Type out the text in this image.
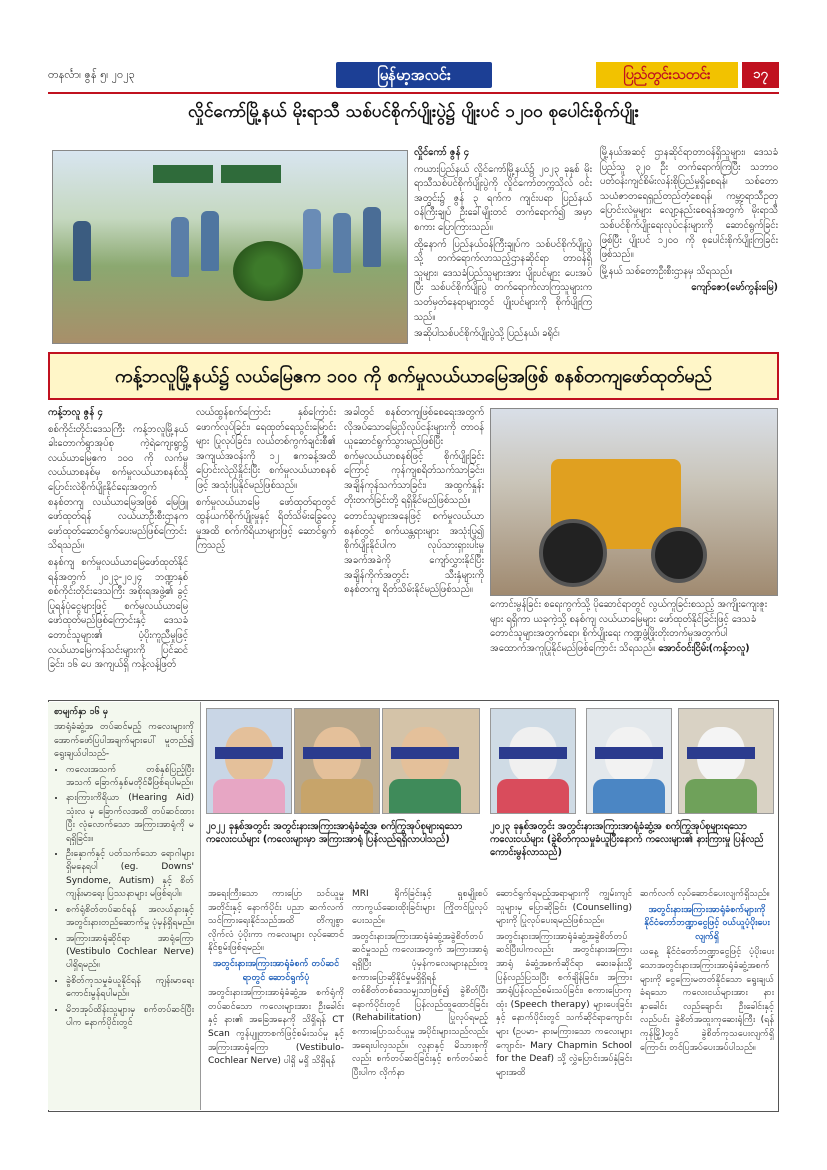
တနင်္လာ၊ ဇွန် ၅၊ ၂၀၂၃	မြန်မာ့အလင်း	ပြည်တွင်းသတင်း	၁၇
လှိုင်ကော်မြို့နယ် မိုးရာသီ သစ်ပင်စိုက်ပျိုးပွဲ၌ ပျိုးပင် ၁၂၀၀ စုပေါင်းစိုက်ပျိုး

လှိုင်ကော် ဇွန် ၄

ကယားပြည်နယ် လှိုင်ကော်မြို့နယ်၌ ၂၀၂၃ ခုနှစ် မိုးရာသီသစ်ပင်စိုက်ပျိုးပွဲကို လှိုင်ကော်တက္ကသိုလ် ဝင်းအတွင်း၌ ဇွန် ၃ ရက်က ကျင်းပရာ ပြည်နယ် ဝန်ကြီးချုပ် ဦးခေါ်မျိုးတင် တက်ရောက်၍ အမှာစကား ပြောကြားသည်။

ထို့နောက် ပြည်နယ်ဝန်ကြီးချုပ်က သစ်ပင်စိုက်ပျိုးပွဲသို့ တက်ရောက်လာသည့်ဌာနဆိုင်ရာ တာဝန်ရှိသူများ၊ ဒေသခံပြည်သူများအား ပျိုးပင်များ ပေးအပ်ပြီး သစ်ပင်စိုက်ပျိုးပွဲ တက်ရောက်လာကြသူများက သတ်မှတ်နေရာများတွင် ပျိုးပင်များကို စိုက်ပျိုးကြသည်။

အဆိုပါသစ်ပင်စိုက်ပျိုးပွဲသို့ ပြည်နယ်၊ ခရိုင်၊

မြို့နယ်အဆင့် ဌာနဆိုင်ရာတာဝန်ရှိသူများ၊ ဒေသခံပြည်သူ ၃၂၀ ဦး တက်ရောက်ကြပြီး သဘာဝပတ်ဝန်းကျင်စိမ်းလန်းစိုပြည်မှုရှိစေရန်၊ သစ်တောသယံဇာတရေရှည်တည်တံ့စေရန်၊ ကမ္ဘာ့ရာသီဥတုပြောင်းလဲမှုများ လျော့နည်းစေရန်အတွက် မိုးရာသီ သစ်ပင်စိုက်ပျိုးရေးလုပ်ငန်းများကို ဆောင်ရွက်ခြင်းဖြစ်ပြီး ပျိုးပင် ၁၂၀၀ ကို စုပေါင်းစိုက်ပျိုးကြခြင်းဖြစ်သည်။

မြို့နယ် သစ်တောဦးစီးဌာနမှ သိရသည်။

ကျော်ဇော(မော်ကွန်းမြေ)

ကန့်ဘလူမြို့နယ်၌ လယ်မြေဧက ၁၀၀ ကို စက်မှုလယ်ယာမြေအဖြစ် စနစ်တကျဖော်ထုတ်မည်

ကန့်ဘလူ ဇွန် ၄

စစ်ကိုင်းတိုင်းဒေသကြီး ကန့်ဘလူမြို့နယ် ခါးတောက်ရွာအုပ်စု ကဲ့ရဲကျေးရွာ၌ လယ်ယာမြေဧက ၁၀၀ ကို လက်မှုလယ်ယာစနစ်မှ စက်မှုလယ်ယာစနစ်သို့ ပြောင်းလဲစိုက်ပျိုးနိုင်ရေးအတွက် စနစ်တကျ လယ်ယာမြေအဖြစ် မြေဖြူဖော်ထုတ်ရန် လယ်ယာဦးစီးဌာနက ဖော်ထုတ်ဆောင်ရွက်ပေးမည်ဖြစ်ကြောင်း သိရသည်။

စနစ်ကျ စက်မှုလယ်ယာမြေဖော်ထုတ်နိုင်ရန်အတွက် ၂၀၂၃-၂၀၂၄ ဘဏ္ဍာနှစ် စစ်ကိုင်းတိုင်းဒေသကြီး အစိုးရအဖွဲ့၏ ခွင့်ပြုရန်ပုံငွေများဖြင့် စက်မှုလယ်ယာမြေ ဖော်ထုတ်မည်ဖြစ်ကြောင်းနှင့် ဒေသခံတောင်သူများ၏ ပံ့ပိုးကူညီမှုဖြင့် လယ်ယာမြေကန်သင်းများကို ပြင်ဆင်ခြင်း၊ ၁၆ ပေ အကျယ်ရှိ ကန့်လန့်ဖြတ်

လယ်ထွန်စက်ကြောင်း နှစ်ကြောင်း ဖောက်လုပ်ခြင်း၊ ရေထုတ်ရေသွင်းမြောင်းများ ပြုလုပ်ခြင်း၊ လယ်တစ်ကွက်ချင်းစီ၏ အကျယ်အဝန်းကို ၁၂ ဧကခန့်အထိ ပြောင်းလဲညှိနှိုင်းပြီး စက်မှုလယ်ယာစနစ်ဖြင့် အသုံးပြုနိုင်မည်ဖြစ်သည်။

စက်မှုလယ်ယာမြေ ဖော်ထုတ်ရာတွင် ထွန်ယက်စိုက်ပျိုးမှုနှင့် ရိတ်သိမ်းခြွေလှေ့မှုအထိ စက်ကိရိယာများဖြင့် ဆောင်ရွက်ကြသည့်

အခါတွင် စနစ်တကျဖြစ်စေရေးအတွက် လိုအပ်သောမြေညှိလုပ်ငန်းများကို တာဝန်ယူဆောင်ရွက်သွားမည်ဖြစ်ပြီး စက်မှုလယ်ယာစနစ်ဖြင့် စိုက်ပျိုးခြင်းကြောင့် ကုန်ကျစရိတ်သက်သာခြင်း၊ အချိန်ကုန်သက်သာခြင်း၊ အထွက်နှုန်းတိုးတက်ခြင်းတို့ ရရှိနိုင်မည်ဖြစ်သည်။

တောင်သူများအနေဖြင့် စက်မှုလယ်ယာစနစ်တွင် စက်ယန္တရားများ အသုံးပြု၍ စိုက်ပျိုးနိုင်ပါက လုပ်သားရှားပါးမှုအခက်အခဲကို ကျော်လွှားနိုင်ပြီး အချိန်ကိုက်အတွင်း သီးနှံများကို စနစ်တကျ ရိတ်သိမ်းနိုင်မည်ဖြစ်သည်။

ကောင်းမွန်ခြင်း စရေးကွက်သို့ ပိုဆောင်ရာတွင် လွယ်ကူခြင်းစသည့် အကျိုးကျေးဇူးများ ရရှိကာ ယခုကဲ့သို့ စနစ်ကျ လယ်ယာမြေများ ဖော်ထုတ်နိုင်ခြင်းဖြင့် ဒေသခံတောင်သူများအတွက်ရော၊ စိုက်ပျိုးရေး ကဏ္ဍဖွံ့ဖြိုးတိုးတက်မှုအတွက်ပါ အထောက်အကူပြုနိုင်မည်ဖြစ်ကြောင်း သိရသည်။ အောင်ဝင်းငြိမ်း(ကန့်ဘလူ)

စာမျက်နှာ ၁၆ မှ

အာရုံခံဆွံ့အ တပ်ဆင်မည့် ကလေးများကို အောက်ဖော်ပြပါအချက်များပေါ် မူတည်၍ ရွေးချယ်ပါသည်-

• ကလေးအသက် တစ်နှစ်ပြည့်ပြီး အသက် ခြောက်နှစ်မတိုင်မီဖြစ်ရပါမည်။
• နားကြားကိရိယာ (Hearing Aid) သုံးလ မှ ခြောက်လအထိ တပ်ဆင်ထားပြီး လုံလောက်သော အကြားအာရုံကို မရရှိခြင်း။
• ဦးနှောက်နှင့် ပတ်သက်သော ရောဂါများ ရှိမနေရပါ (eg. Downs' Syndome, Autism) နှင့် စိတ်ကျန်းမာရေး ပြဿနာများ မဖြစ်ရပါ။
• စက်ရုံစိတ်တပ်ဆင်ရန် အလယ်နားနှင့် အတွင်းနားတည်ဆောက်မှု ပုံမှန်ရှိရမည်။
• အကြားအာရုံဆိုင်ရာ အာရုံကြော (Vestibulo Cochlear Nerve) ပါရှိရမည်။
• ခွဲစိတ်ကုသမှုခံယူနိုင်ရန် ကျန်းမာရေး ကောင်းမွန်ရပါမည်။
• မိဘအုပ်ထိန်းသူများမှ စက်တပ်ဆင်ပြီးပါက နောက်ပိုင်းတွင်
၂၀၂၂ ခုနှစ်အတွင်း အတွင်းနားအကြားအာရုံခံဆွံ့အ စက်ကြွအုပ်စုများရသော ကလေးငယ်များ (ကလေးများမှာ အကြားအာရုံ ပြန်လည်ရရှိလာပါသည်)
၂၀၂၃ ခုနှစ်အတွင်း အတွင်းနားအကြားအာရုံခံဆွံ့အ စက်ကြွအုပ်စုများရသော ကလေးငယ်များ (ခွဲစိတ်ကုသမှုခံယူပြီးနောက် ကလေးများ၏ နားကြားမှု ပြန်လည်ကောင်းမွန်လာသည်)

အရေးကြီးသော ကားပြော သင်ယူမှုအတိုင်းနှင့် နောက်ပိုင်း ပညာ ဆက်လက်သင်ကြားရေးနိုင်သည်အထိ တိကျစွာ လိုက်လံ ပံ့ပိုးကာ ကလေးများ လုပ်ဆောင်နိုင်စွမ်းဖြစ်ရမည်။

အတွင်းနားအကြားအာရုံခံစက် တပ်ဆင်ရာတွင် ဆောင်ရွက်ပုံ

အတွင်းနားအကြားအာရုံခံဆွံ့အ စက်ရုံကိုတပ်ဆင်သော ကလေးများအား ဦးခေါင်းနှင့် နား၏ အခြေအနေကို သိရှိရန် CT Scan ကွန်ပျူတာစက်ဖြင့်စမ်းသပ်မှု နှင့် အကြားအာရုံကြော (Vestibulo-Cochlear Nerve) ပါရှိ မရှိ သိရှိရန်

MRI ရိုက်ခြင်းနှင့် ရှုစမျိုးစပ် ကာကွယ်ဆေးထိုးခြင်းများ ကြိုတင်ပြုလုပ်ပေးသည်။

အတွင်းနားအကြားအာရုံခံဆွံ့အခွဲစိတ်တပ်ဆင်မှုသည် ကလေးအတွက် အကြားအာရုံရရှိပြီး ပုံမှန်ကလေးများနည်းတူ စကားပြောဆိုနိုင်မှုမရှိရှိရန် တစ်စိတ်တစ်ဒေသမျှသာဖြစ်၍ ခွဲစိတ်ပြီးနောက်ပိုင်းတွင် ပြန်လည်ထူထောင်ခြင်း (Rehabilitation) ပြုလုပ်ရမည့် စကားပြောသင်ယူမှု အပိုင်းများသည်လည်း အရေးပါလှသည်။ လူနာနှင့် မိသားစုကိုလည်း စက်တပ်ဆင်ခြင်းနှင့် စက်တပ်ဆင်ပြီးပါက လိုက်နာ

ဆောင်ရွက်ရမည့်အရာများကို ကျွမ်းကျင်သူများမှ ပြောဆိုခြင်း (Counselling) များကို ပြုလုပ်ပေးရမည်ဖြစ်သည်။

အတွင်းနားအကြားအာရုံခံဆွံ့အခွဲစိတ်တပ်ဆင်ပြီးပါကလည်း အတွင်းနားအကြားအာရုံ ခံဆွံ့အစက်ဆိုင်ရာ ဆေးခန်းသို့ပြန်လည်ပြသပြီး စက်ချိန်ခြင်း၊ အကြားအာရုံပြန်လည်စမ်းသပ်ခြင်း၊ စကားပြောကုထုံး (Speech therapy) များပေးခြင်းနှင့် နောက်ပိုင်းတွင် သက်ဆိုင်ရာကျောင်းများ (ဥပမာ- နားမကြားသော ကလေးများကျောင်း- Mary Chapmin School for the Deaf) သို့ လွှဲပြောင်းအပ်နှံခြင်းများအထိ

ဆက်လက် လုပ်ဆောင်ပေးလျက်ရှိသည်။

အတွင်းနားအကြားအာရုံခံစက်များကို နိုင်ငံတော်ဘဏ္ဍာငွေဖြင့် ဝယ်ယူပံ့ပိုးပေးလျက်ရှိ

ယနေ့ နိုင်ငံတော်ဘဏ္ဍာငွေဖြင့် ပံ့ပိုးပေးသောအတွင်းနားအကြားအာရုံခံဆွံ့အစက်များကို ငွေကြေးမတတ်နိုင်သော ရွေးချယ်ခံရသော ကလေးငယ်များအား နား နှာခေါင်း လည်ချောင်း ဦးခေါင်းနှင့် လည်ပင်း ခွဲစိတ်အထူးကုဆေးရုံကြီး (ရန်ကုန်မြို့)တွင် ခွဲစိတ်ကုသပေးလျက်ရှိကြောင်း တင်ပြအပ်ပေးအပ်ပါသည်။
